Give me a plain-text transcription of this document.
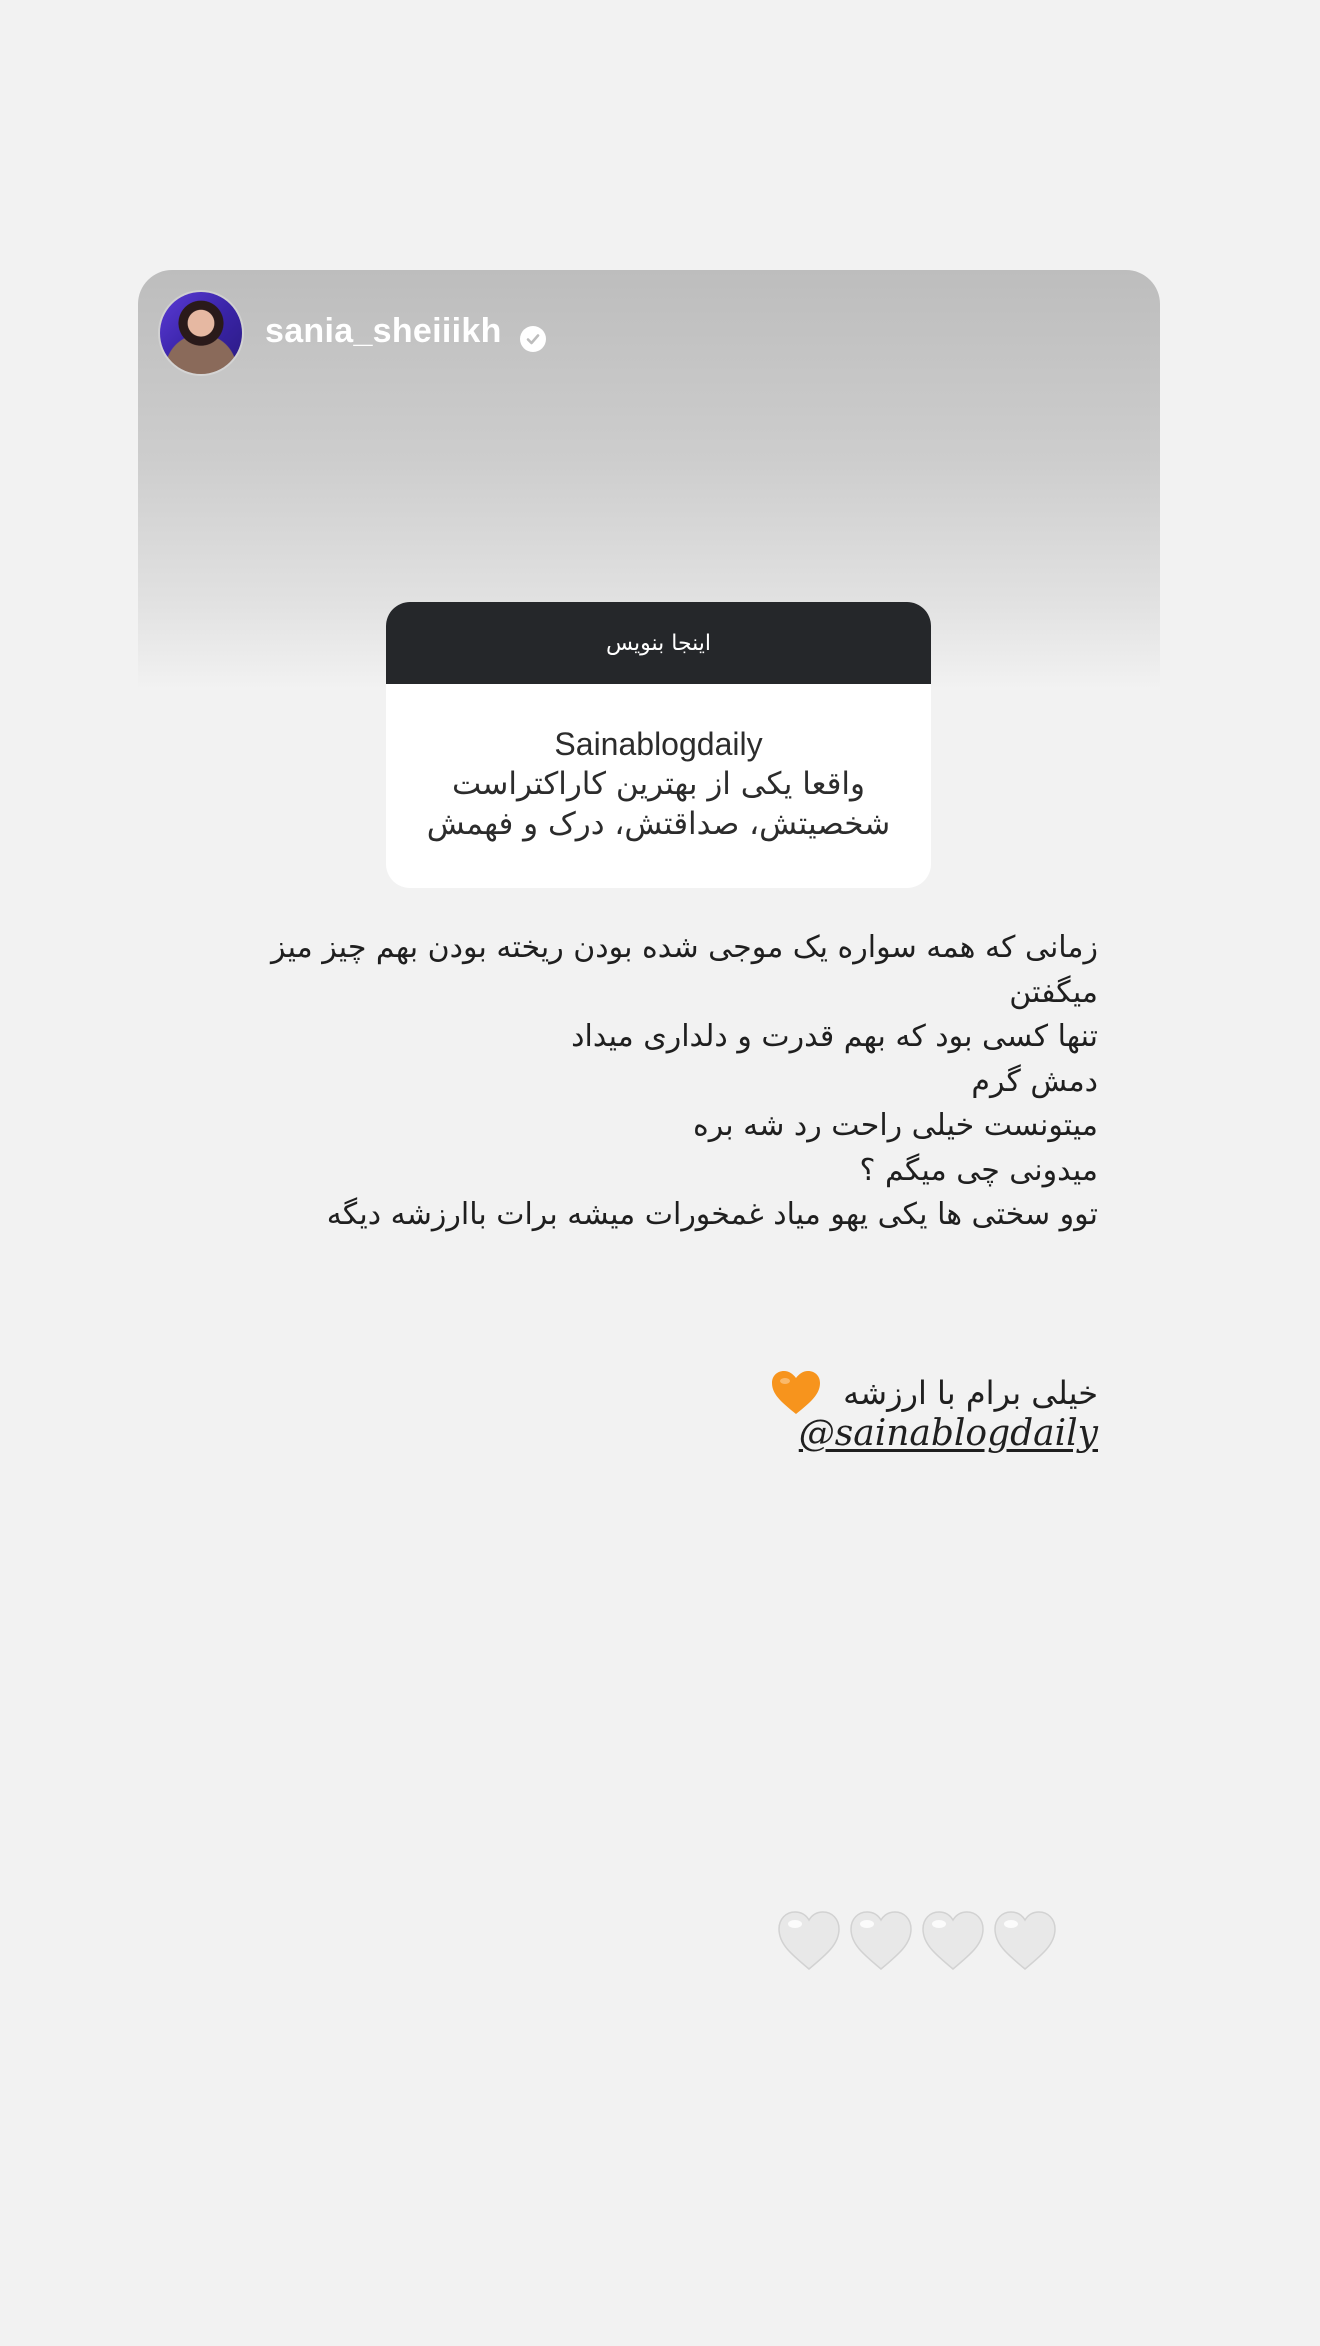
sania_sheiiikh
اینجا بنویس
Sainablogdaily
واقعا یکی از بهترین کاراکتراست
شخصیتش، صداقتش، درک و فهمش
زمانی که همه سواره یک موجی شده بودن ریخته بودن بهم چیز میز میگفتن
تنها کسی بود که بهم قدرت و دلداری میداد
دمش گرم
میتونست خیلی راحت رد شه بره
میدونی چی میگم ؟
توو سختی ها یکی یهو میاد غمخورات میشه برات باارزشه دیگه
خیلی برام با ارزشه
@sainablogdaily
